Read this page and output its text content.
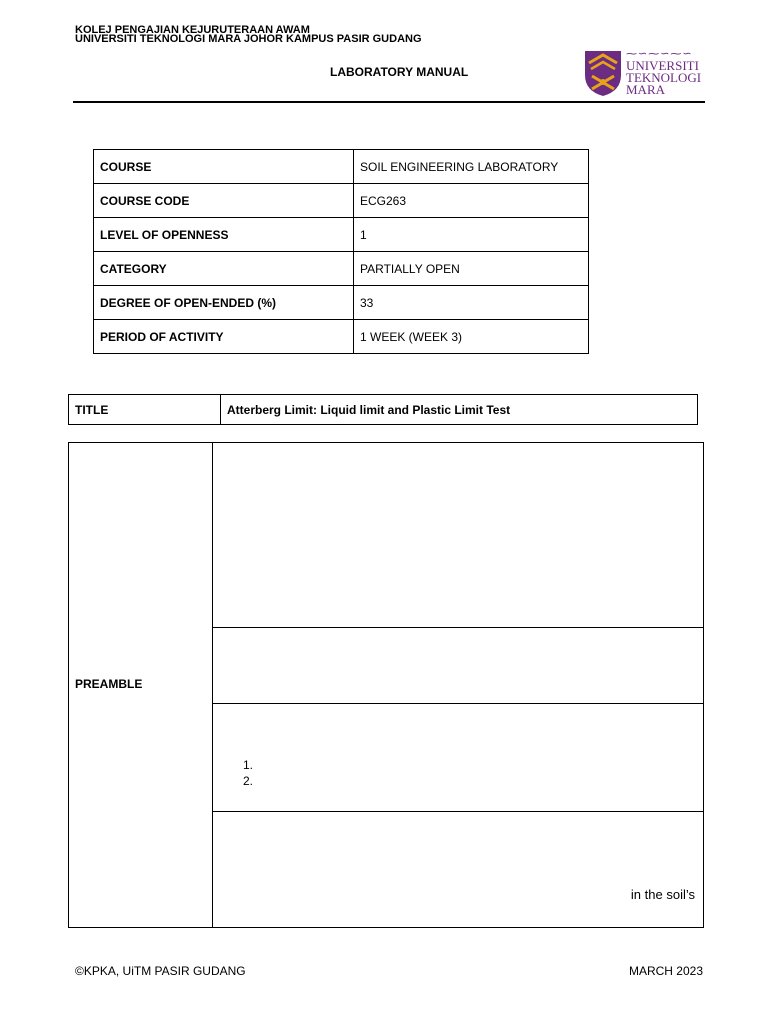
KOLEJ PENGAJIAN KEJURUTERAAN AWAM
UNIVERSITI TEKNOLOGI MARA JOHOR KAMPUS PASIR GUDANG
LABORATORY MANUAL
⁓∽⁓∽⁓∽
UNIVERSITI
TEKNOLOGI
MARA
COURSE	SOIL ENGINEERING LABORATORY
COURSE CODE	ECG263
LEVEL OF OPENNESS	1
CATEGORY	PARTIALLY OPEN
DEGREE OF OPEN-ENDED (%)	33
PERIOD OF ACTIVITY	1 WEEK (WEEK 3)
TITLE	Atterberg Limit: Liquid limit and Plastic Limit Test
PREAMBLE
1.
2.
in the soil’s
©KPKA, UiTM PASIR GUDANG	MARCH 2023
